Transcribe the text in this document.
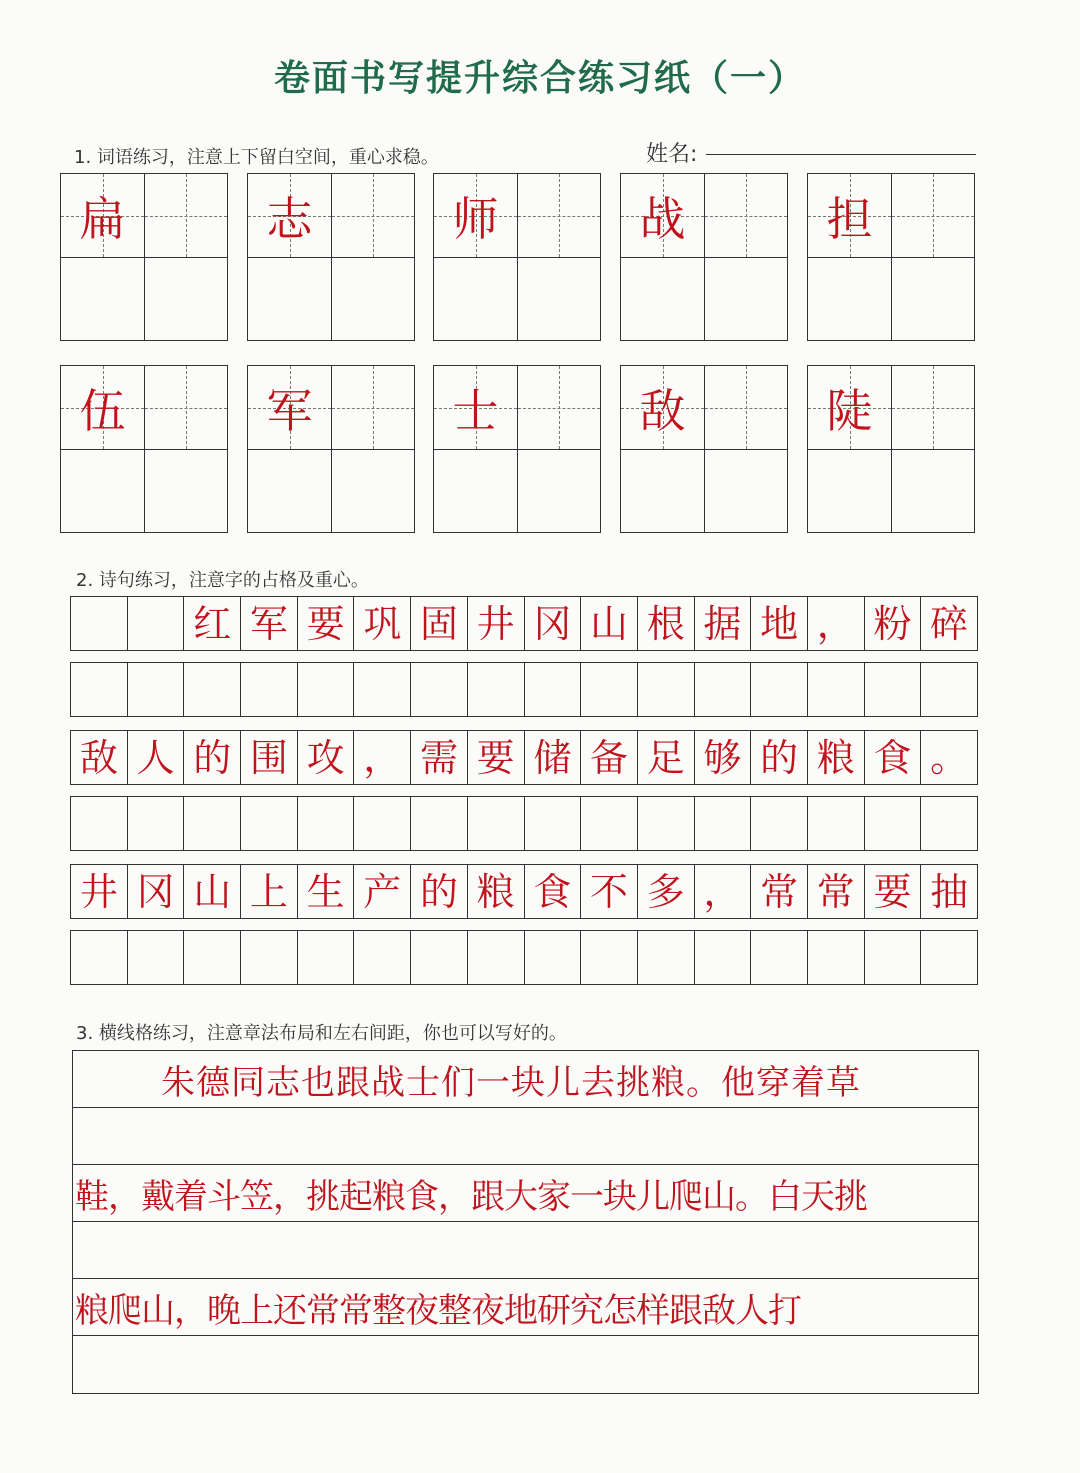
卷面书写提升综合练习纸（一）
1. 词语练习，注意上下留白空间，重心求稳。	姓名:
扁	志	师	战	担
伍	军	士	敌	陡
2. 诗句练习，注意字的占格及重心。
红 军 要 巩 固 井 冈 山 根 据 地 ， 粉 碎
敌 人 的 围 攻 ， 需 要 储 备 足 够 的 粮 食 。
井 冈 山 上 生 产 的 粮 食 不 多 ， 常 常 要 抽
3. 横线格练习，注意章法布局和左右间距，你也可以写好的。
朱德同志也跟战士们一块儿去挑粮。他穿着草
鞋，戴着斗笠，挑起粮食，跟大家一块儿爬山。白天挑
粮爬山，晚上还常常整夜整夜地研究怎样跟敌人打
